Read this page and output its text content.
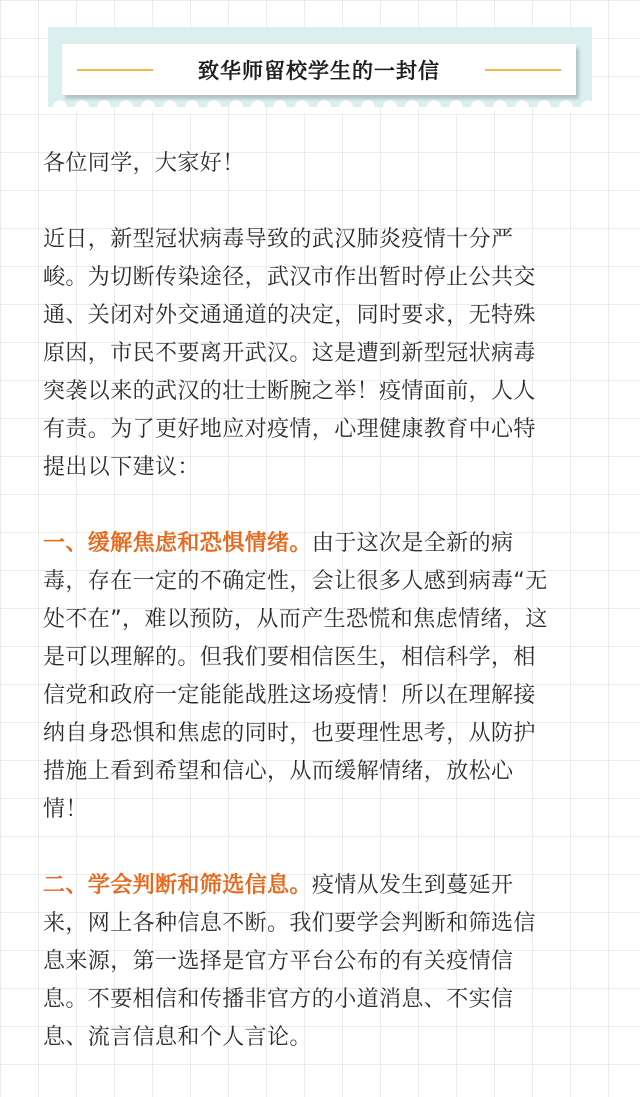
致华师留校学生的一封信

各位同学，大家好！

近日，新型冠状病毒导致的武汉肺炎疫情十分严
峻。为切断传染途径，武汉市作出暂时停止公共交
通、关闭对外交通通道的决定，同时要求，无特殊
原因，市民不要离开武汉。这是遭到新型冠状病毒
突袭以来的武汉的壮士断腕之举！疫情面前，人人
有责。为了更好地应对疫情，心理健康教育中心特
提出以下建议：

一、缓解焦虑和恐惧情绪。由于这次是全新的病
毒，存在一定的不确定性，会让很多人感到病毒“无
处不在”，难以预防，从而产生恐慌和焦虑情绪，这
是可以理解的。但我们要相信医生，相信科学，相
信党和政府一定能能战胜这场疫情！所以在理解接
纳自身恐惧和焦虑的同时，也要理性思考，从防护
措施上看到希望和信心，从而缓解情绪，放松心
情！

二、学会判断和筛选信息。疫情从发生到蔓延开
来，网上各种信息不断。我们要学会判断和筛选信
息来源，第一选择是官方平台公布的有关疫情信
息。不要相信和传播非官方的小道消息、不实信
息、流言信息和个人言论。
